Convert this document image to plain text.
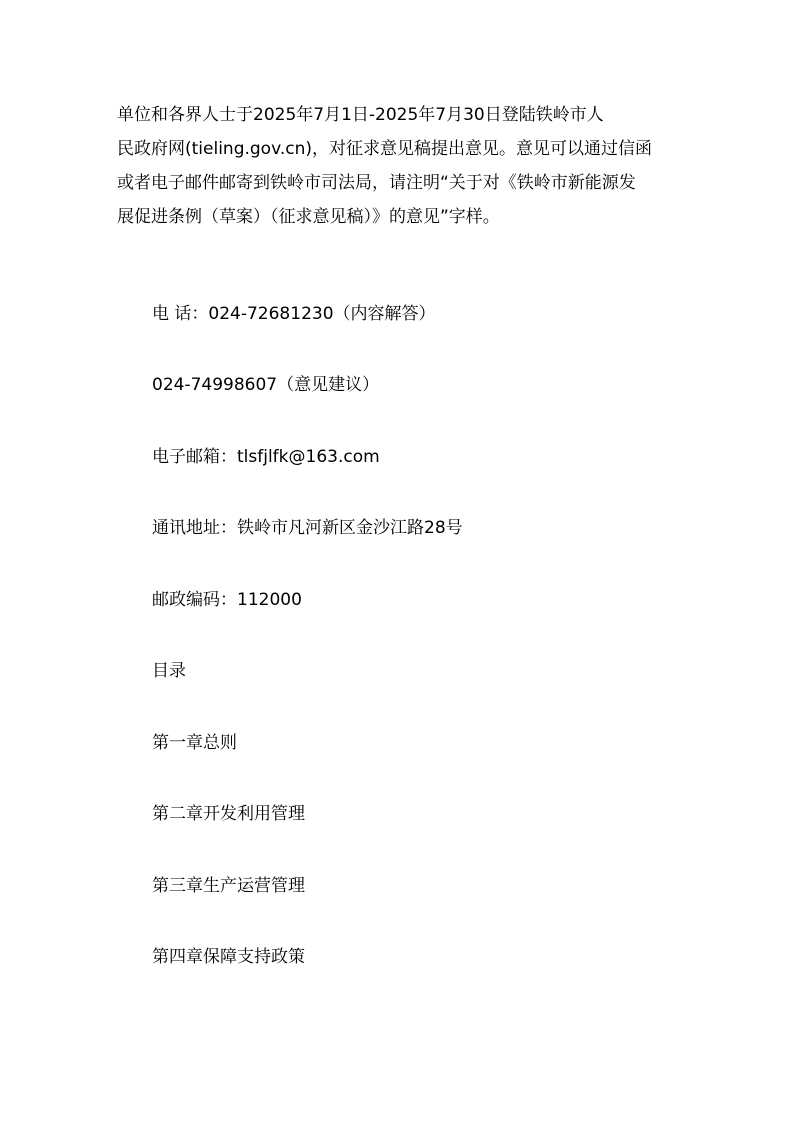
单位和各界人士于2025年7月1日-2025年7月30日登陆铁岭市人
民政府网(tieling.gov.cn)，对征求意见稿提出意见。意见可以通过信函
或者电子邮件邮寄到铁岭市司法局，请注明“关于对《铁岭市新能源发
展促进条例（草案）（征求意见稿）》的意见”字样。
电 话：024-72681230（内容解答）
024-74998607（意见建议）
电子邮箱：tlsfjlfk@163.com
通讯地址：铁岭市凡河新区金沙江路28号
邮政编码：112000
目录
第一章总则
第二章开发利用管理
第三章生产运营管理
第四章保障支持政策
